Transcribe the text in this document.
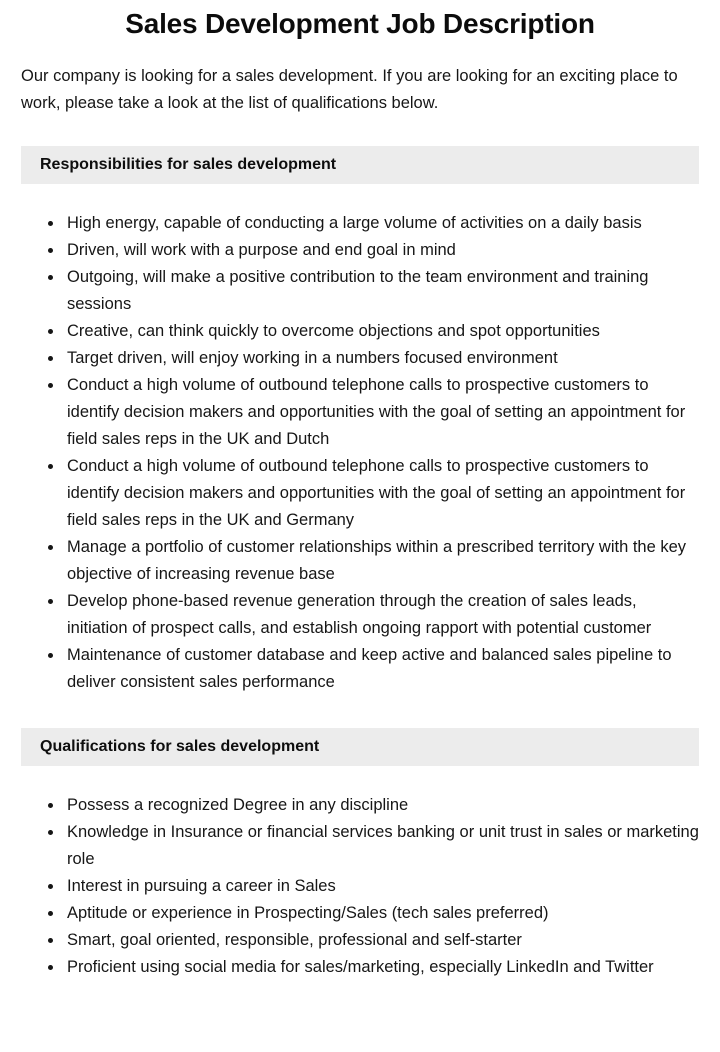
Sales Development Job Description

Our company is looking for a sales development. If you are looking for an exciting place to work, please take a look at the list of qualifications below.

Responsibilities for sales development
• High energy, capable of conducting a large volume of activities on a daily basis
• Driven, will work with a purpose and end goal in mind
• Outgoing, will make a positive contribution to the team environment and training sessions
• Creative, can think quickly to overcome objections and spot opportunities
• Target driven, will enjoy working in a numbers focused environment
• Conduct a high volume of outbound telephone calls to prospective customers to identify decision makers and opportunities with the goal of setting an appointment for field sales reps in the UK and Dutch
• Conduct a high volume of outbound telephone calls to prospective customers to identify decision makers and opportunities with the goal of setting an appointment for field sales reps in the UK and Germany
• Manage a portfolio of customer relationships within a prescribed territory with the key objective of increasing revenue base
• Develop phone-based revenue generation through the creation of sales leads, initiation of prospect calls, and establish ongoing rapport with potential customer
• Maintenance of customer database and keep active and balanced sales pipeline to deliver consistent sales performance
Qualifications for sales development
• Possess a recognized Degree in any discipline
• Knowledge in Insurance or financial services banking or unit trust in sales or marketing role
• Interest in pursuing a career in Sales
• Aptitude or experience in Prospecting/Sales (tech sales preferred)
• Smart, goal oriented, responsible, professional and self-starter
• Proficient using social media for sales/marketing, especially LinkedIn and Twitter
